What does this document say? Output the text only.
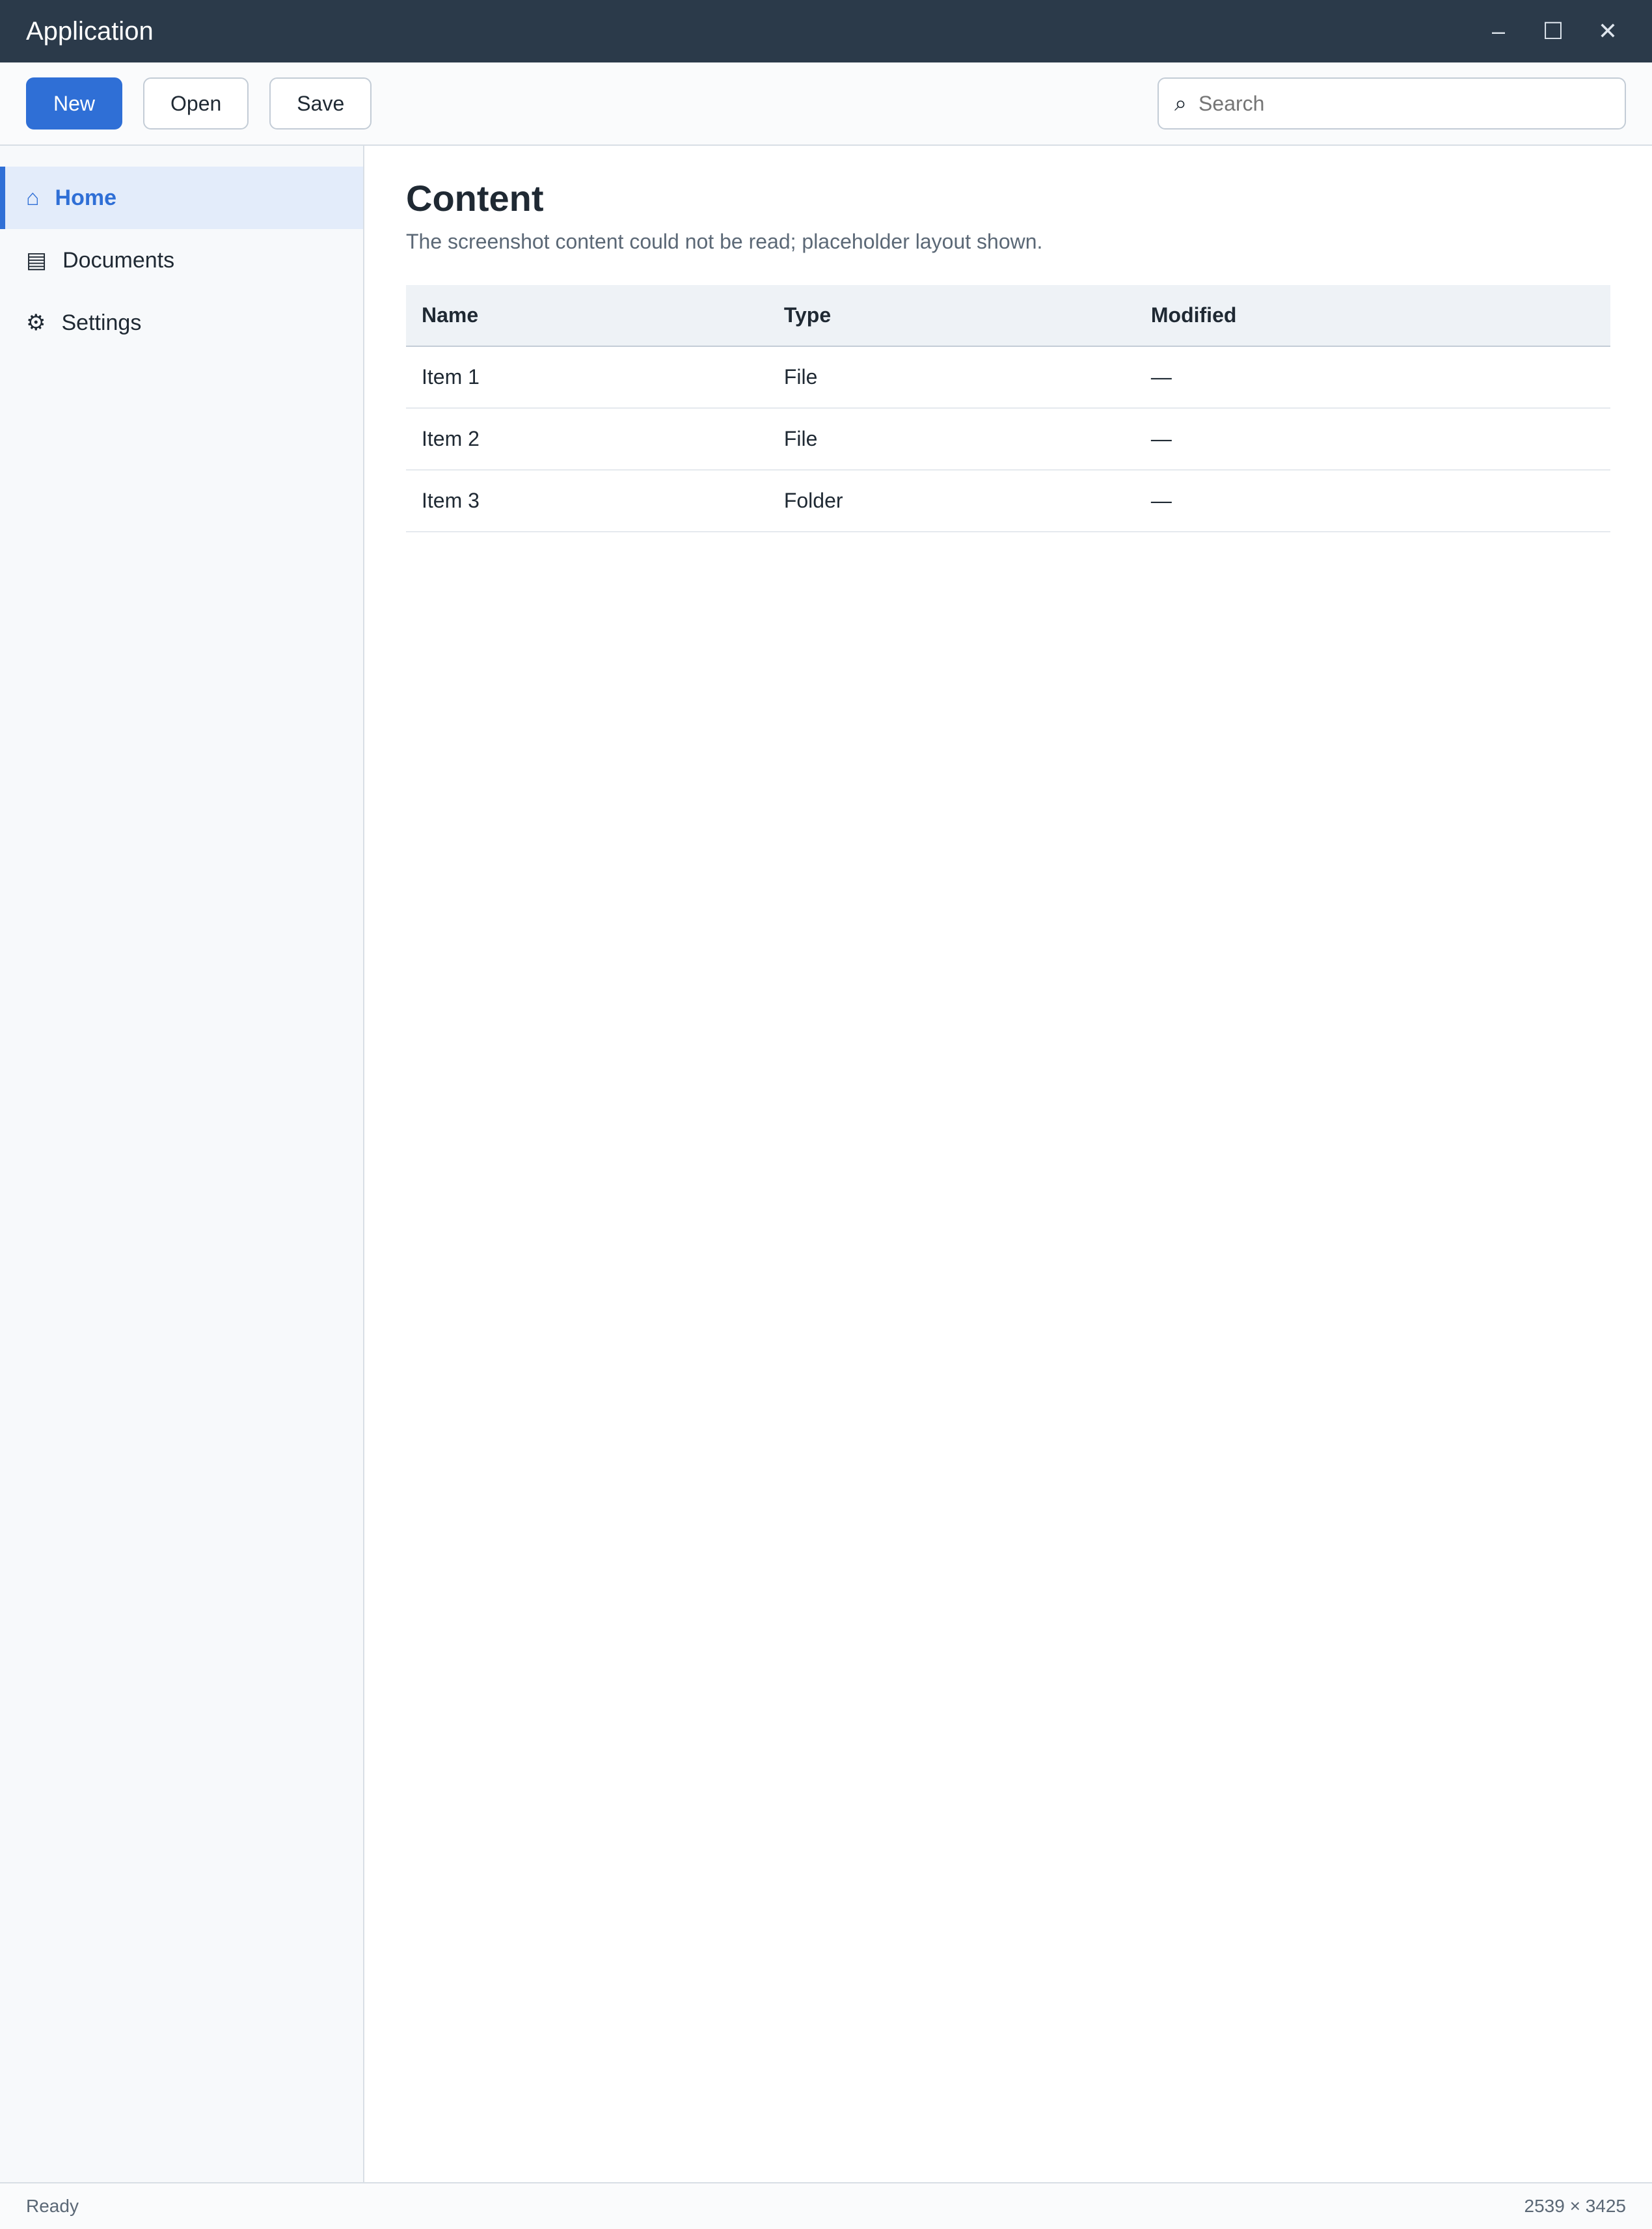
Application	–	☐	✕
New	Open	Save	⌕
Search
⌂ Home
▤ Documents
⚙ Settings
Content

The screenshot content could not be read; placeholder layout shown.

Name	Type	Modified
Item 1	File	—
Item 2	File	—
Item 3	Folder	—
Ready	2539 × 3425
